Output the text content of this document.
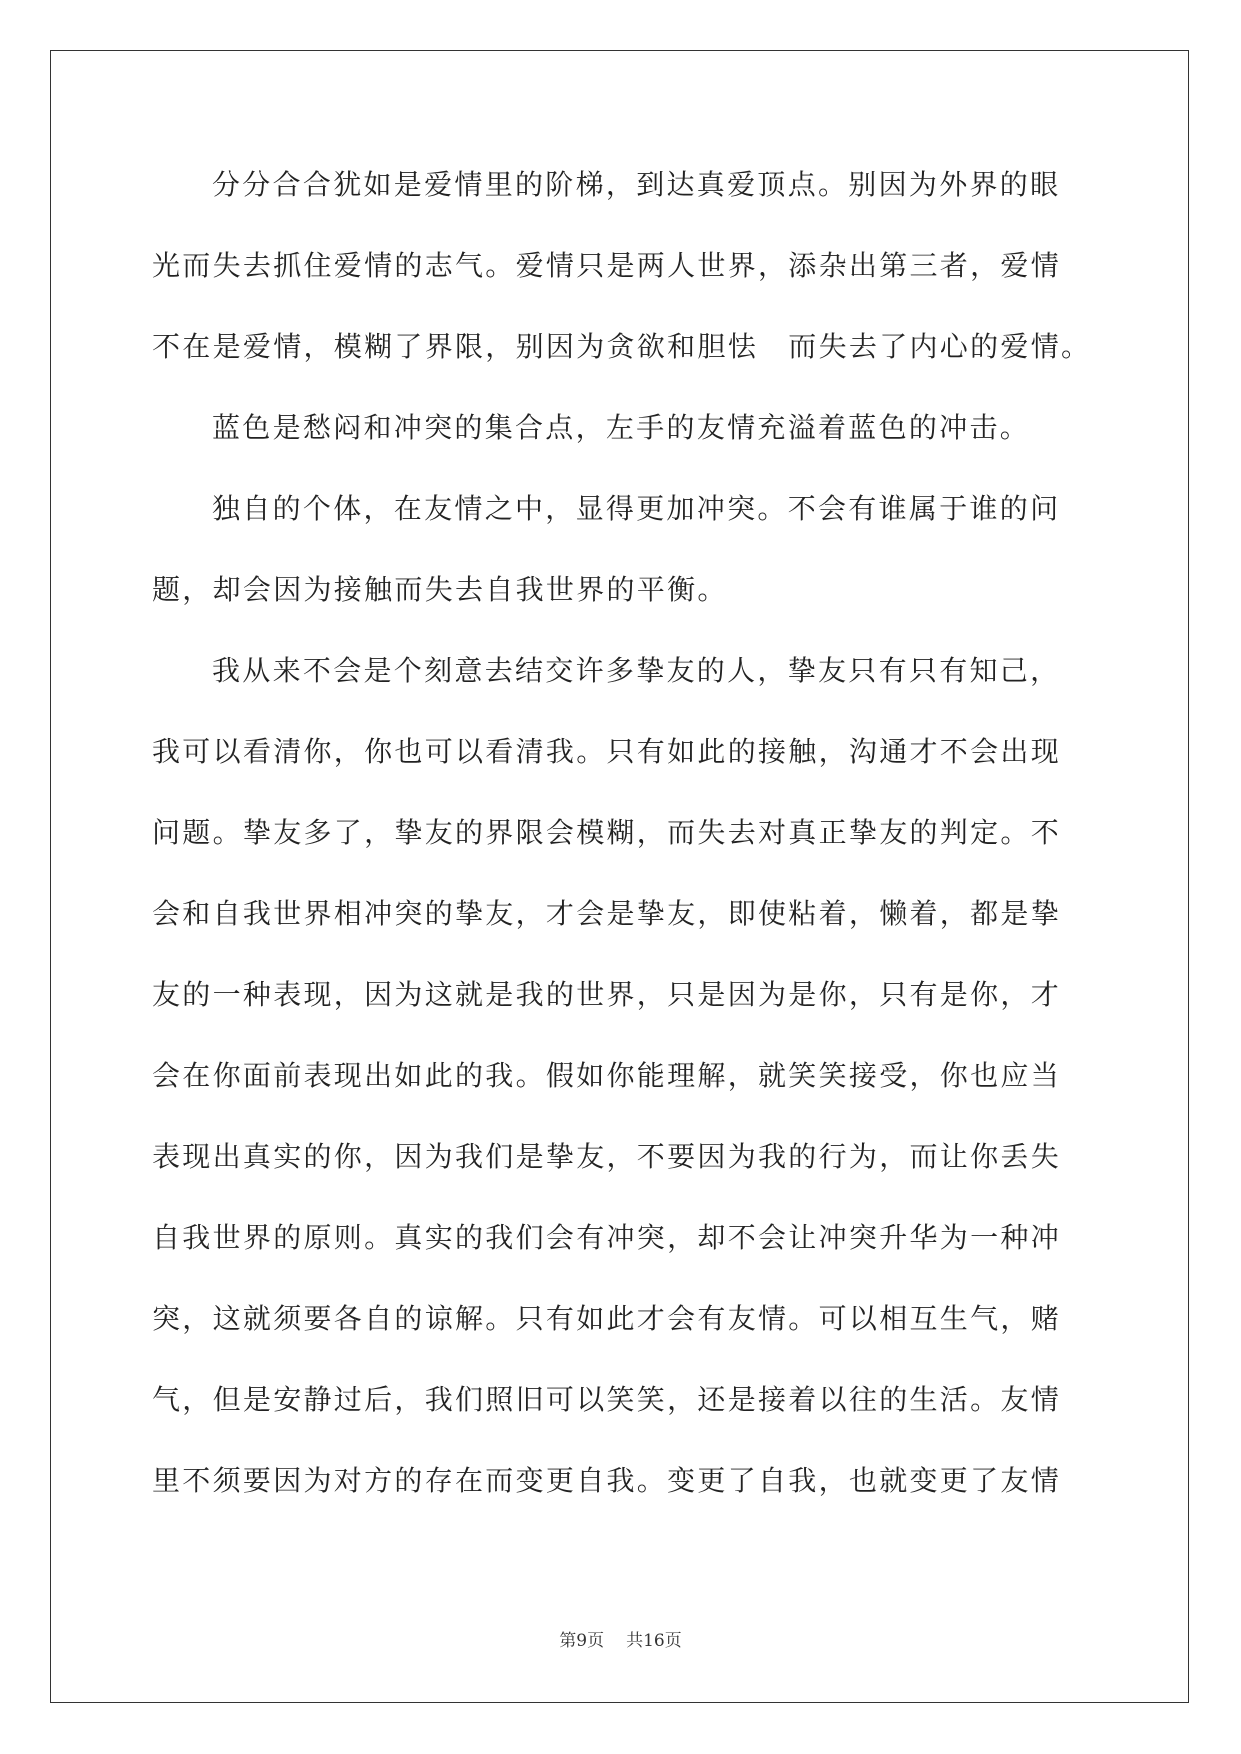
分分合合犹如是爱情里的阶梯，到达真爱顶点。别因为外界的眼
光而失去抓住爱情的志气。爱情只是两人世界，添杂出第三者，爱情
不在是爱情，模糊了界限，别因为贪欲和胆怯　而失去了内心的爱情。
蓝色是愁闷和冲突的集合点，左手的友情充溢着蓝色的冲击。
独自的个体，在友情之中，显得更加冲突。不会有谁属于谁的问
题，却会因为接触而失去自我世界的平衡。
我从来不会是个刻意去结交许多挚友的人，挚友只有只有知己，
我可以看清你，你也可以看清我。只有如此的接触，沟通才不会出现
问题。挚友多了，挚友的界限会模糊，而失去对真正挚友的判定。不
会和自我世界相冲突的挚友，才会是挚友，即使粘着，懒着，都是挚
友的一种表现，因为这就是我的世界，只是因为是你，只有是你，才
会在你面前表现出如此的我。假如你能理解，就笑笑接受，你也应当
表现出真实的你，因为我们是挚友，不要因为我的行为，而让你丢失
自我世界的原则。真实的我们会有冲突，却不会让冲突升华为一种冲
突，这就须要各自的谅解。只有如此才会有友情。可以相互生气，赌
气，但是安静过后，我们照旧可以笑笑，还是接着以往的生活。友情
里不须要因为对方的存在而变更自我。变更了自我，也就变更了友情
第9页 共16页
